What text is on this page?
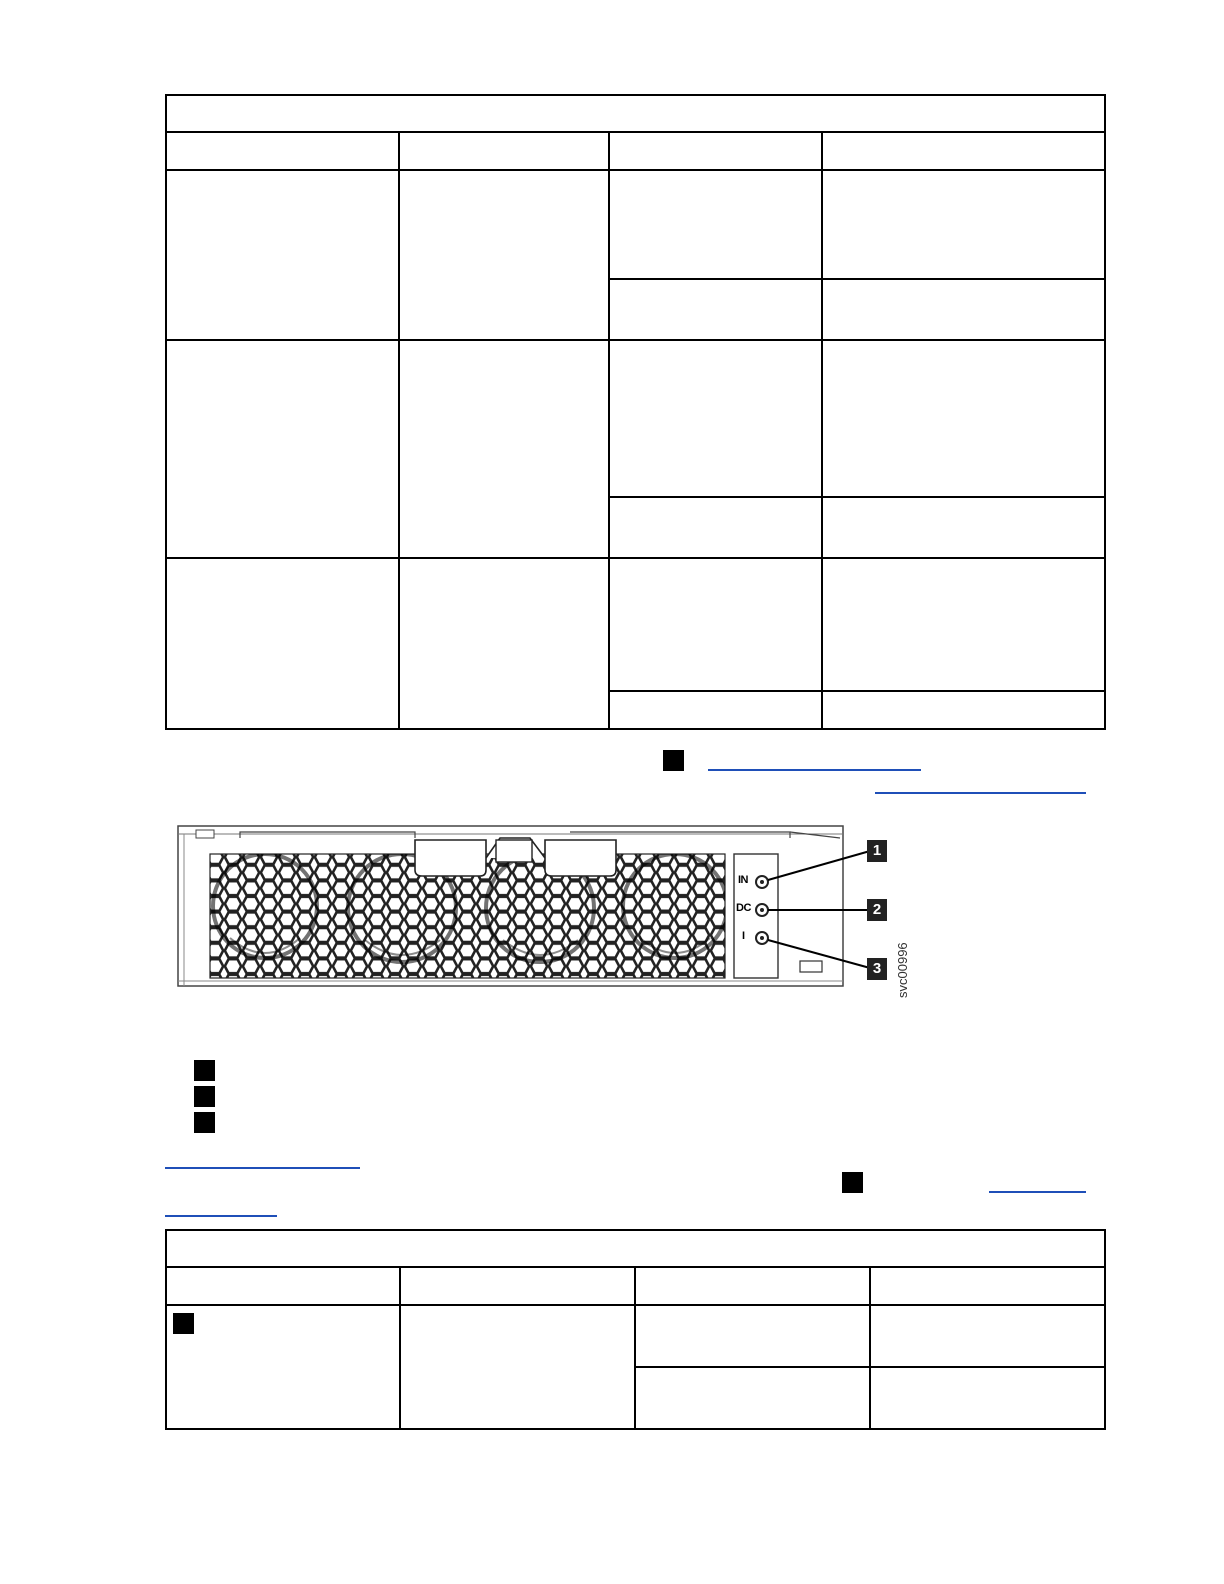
IN
DC
I
1
2
3	svc00996
